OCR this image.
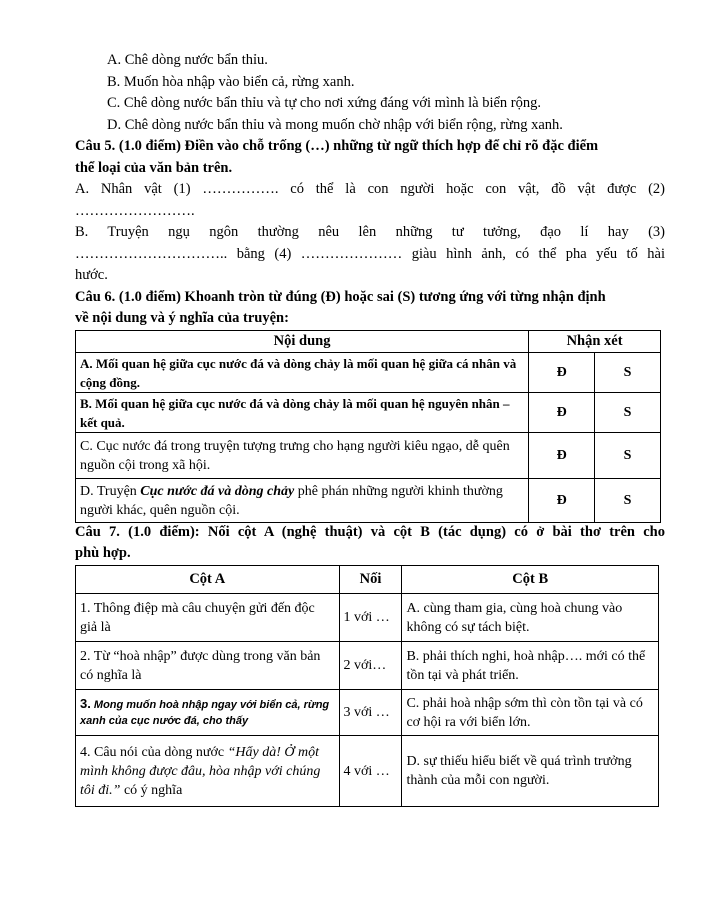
A. Chê dòng nước bẩn thỉu.
B. Muốn hòa nhập vào biển cả, rừng xanh.
C. Chê dòng nước bẩn thỉu và tự cho nơi xứng đáng với mình là biển rộng.
D. Chê dòng nước bẩn thỉu và mong muốn chờ nhập với biển rộng, rừng xanh.
Câu 5. (1.0 điểm) Điền vào chỗ trống (…) những từ ngữ thích hợp để chỉ rõ đặc điểm
thể loại của văn bản trên.
A. Nhân vật (1) ……………. có thể là con người hoặc con vật, đồ vật được (2)
…………………….
B. Truyện ngụ ngôn thường nêu lên những tư tưởng, đạo lí hay (3)
………………………….. bằng (4) ………………… giàu hình ảnh, có thể pha yếu tố hài
hước.
Câu 6. (1.0 điểm) Khoanh tròn từ đúng (Đ) hoặc sai (S) tương ứng với từng nhận định
về nội dung và ý nghĩa của truyện:
Nội dung	Nhận xét	
A. Mối quan hệ giữa cục nước đá và dòng chảy là mối quan hệ giữa cá nhân và cộng đồng.	Đ	S
B. Mối quan hệ giữa cục nước đá và dòng chảy là mối quan hệ nguyên nhân – kết quả.	Đ	S
C. Cục nước đá trong truyện tượng trưng cho hạng người kiêu ngạo, dễ quên nguồn cội trong xã hội.	Đ	S
D. Truyện Cục nước đá và dòng chảy phê phán những người khinh thường người khác, quên nguồn cội.	Đ	S
Câu 7. (1.0 điểm): Nối cột A (nghệ thuật) và cột B (tác dụng) có ở bài thơ trên cho
phù hợp.
Cột A	Nối	Cột B
1. Thông điệp mà câu chuyện gửi đến độc giả là	1 với …	A. cùng tham gia, cùng hoà chung vào không có sự tách biệt.
2. Từ “hoà nhập” được dùng trong văn bản có nghĩa là	2 với…	B. phải thích nghi, hoà nhập…. mới có thể tồn tại và phát triển.
3. Mong muốn hoà nhập ngay với biển cả, rừng xanh của cục nước đá, cho thấy	3 với …	C. phải hoà nhập sớm thì còn tồn tại và có cơ hội ra với biển lớn.
4. Câu nói của dòng nước “Hẩy dà! Ở một mình không được đâu, hòa nhập với chúng tôi đi.” có ý nghĩa	4 với …	D. sự thiếu hiểu biết về quá trình trưởng thành của mỗi con người.
